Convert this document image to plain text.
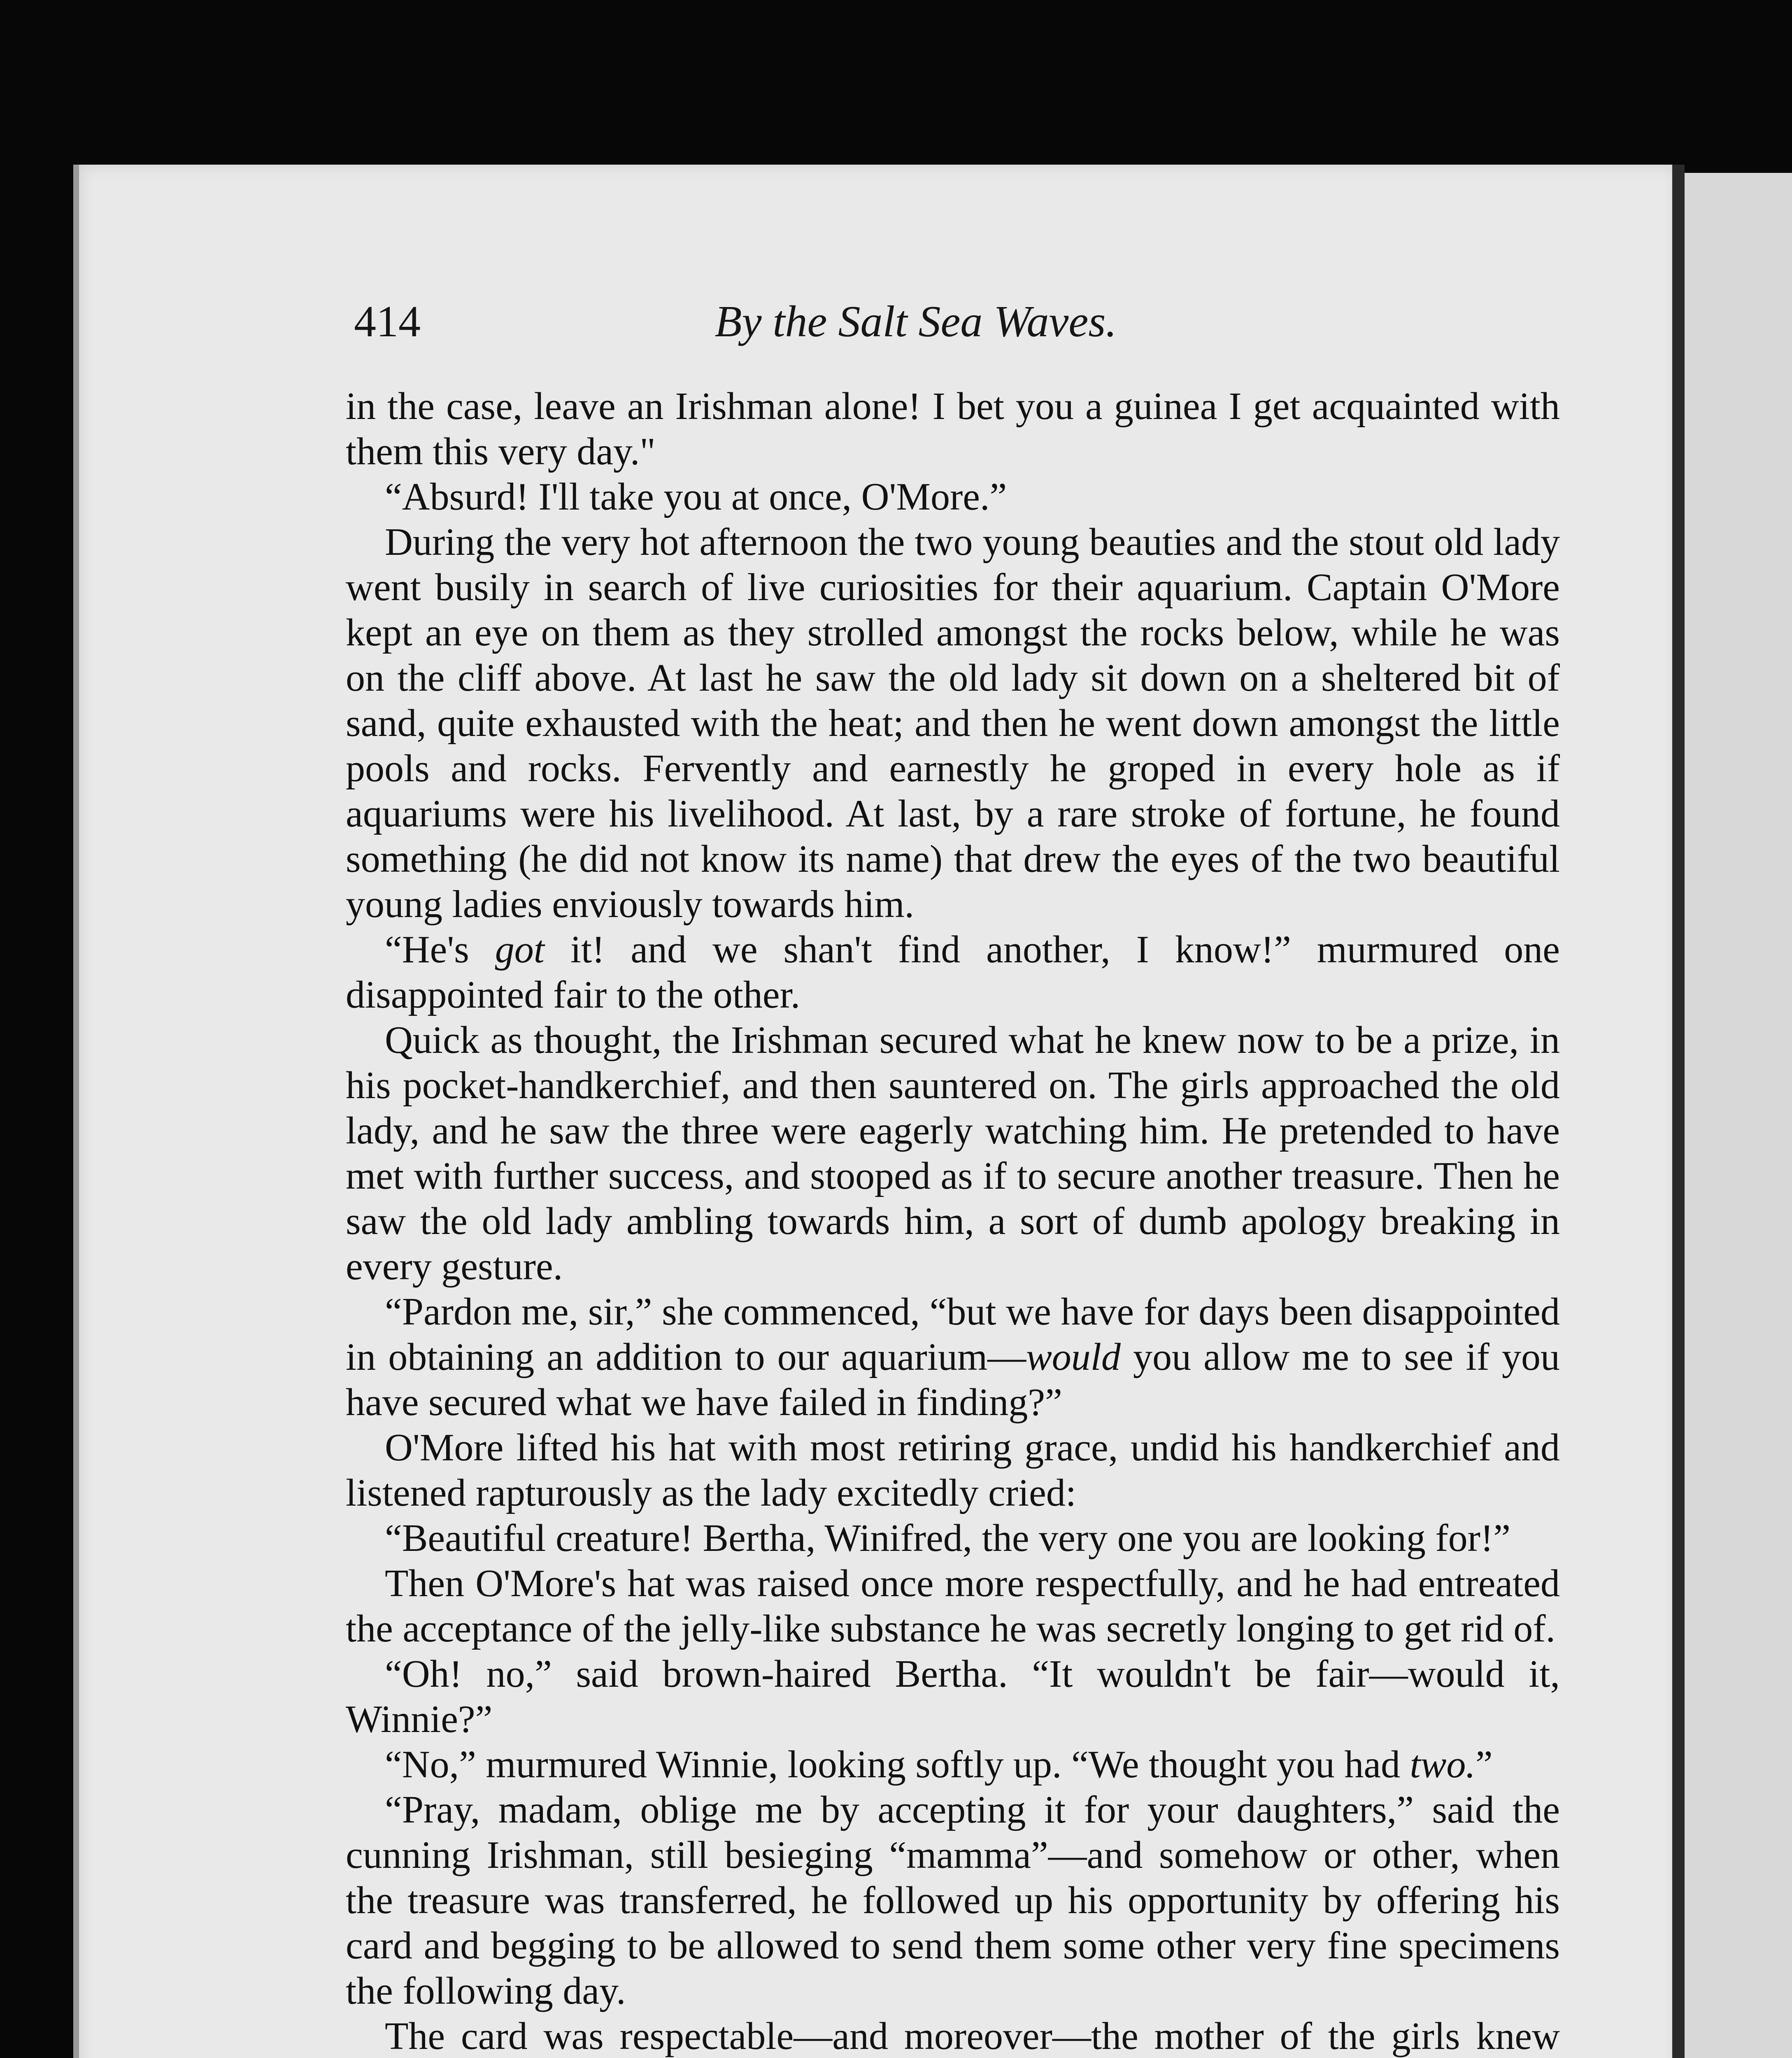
414	By the Salt Sea Waves.

in the case, leave an Irishman alone! I bet you a guinea I get acquainted with them this very day."

“Absurd! I'll take you at once, O'More.”

During the very hot afternoon the two young beauties and the stout old lady went busily in search of live curiosities for their aquarium. Captain O'More kept an eye on them as they strolled amongst the rocks below, while he was on the cliff above. At last he saw the old lady sit down on a sheltered bit of sand, quite exhausted with the heat; and then he went down amongst the little pools and rocks. Fervently and earnestly he groped in every hole as if aquariums were his livelihood. At last, by a rare stroke of fortune, he found something (he did not know its name) that drew the eyes of the two beautiful young ladies enviously towards him.

“He's got it! and we shan't find another, I know!” murmured one disappointed fair to the other.

Quick as thought, the Irishman secured what he knew now to be a prize, in his pocket-handkerchief, and then sauntered on. The girls approached the old lady, and he saw the three were eagerly watching him. He pretended to have met with further success, and stooped as if to secure another treasure. Then he saw the old lady ambling towards him, a sort of dumb apology breaking in every gesture.

“Pardon me, sir,” she commenced, “but we have for days been disappointed in obtaining an addition to our aquarium—would you allow me to see if you have secured what we have failed in finding?”

O'More lifted his hat with most retiring grace, undid his handkerchief and listened rapturously as the lady excitedly cried:

“Beautiful creature! Bertha, Winifred, the very one you are looking for!”

Then O'More's hat was raised once more respectfully, and he had entreated the acceptance of the jelly-like substance he was secretly longing to get rid of.

“Oh! no,” said brown-haired Bertha. “It wouldn't be fair—would it, Winnie?”

“No,” murmured Winnie, looking softly up. “We thought you had two.”

“Pray, madam, oblige me by accepting it for your daughters,” said the cunning Irishman, still besieging “mamma”—and somehow or other, when the treasure was transferred, he followed up his opportunity by offering his card and begging to be allowed to send them some other very fine specimens the following day.

The card was respectable—and moreover—the mother of the girls knew
